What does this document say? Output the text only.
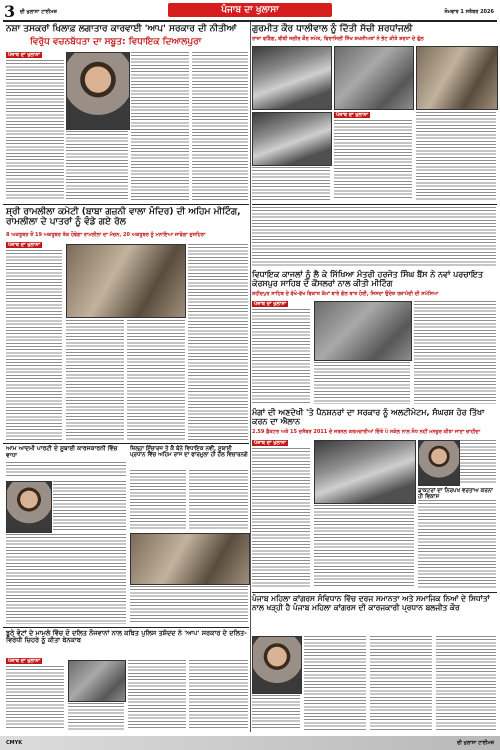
3 ਦੀ ਖੁਲਾਸਾ ਟਾਈਮਜ਼	ਪੰਜਾਬ ਦਾ ਖੁਲਾਸਾ	ਸੋਮਵਾਰ 1 ਸਤੰਬਰ 2026
ਨਸ਼ਾ ਤਸਕਰਾਂ ਖਿਲਾਫ਼ ਲਗਾਤਾਰ ਕਾਰਵਾਈ 'ਆਪ' ਸਰਕਾਰ ਦੀ ਨੀਤੀਆਂ
ਵਿਰੁੱਧ ਵਚਨਬੱਧਤਾ ਦਾ ਸਬੂਤ: ਵਿਧਾਇਕ ਦਿਆਲਪੁਰਾ
ਪੰਜਾਬ ਦਾ ਖੁਲਾਸਾ
ਗੁਰਮੀਤ ਕੌਰ ਧਾਲੀਵਾਲ ਨੂੰ ਦਿੱਤੀ ਸੱਚੀ ਸ਼ਰਧਾਂਜਲੀ
ਰਾਜਾ ਵੜਿੰਗ, ਬੀਬੀ ਜਗੀਰ ਕੌਰ ਸਮੇਤ, ਵਿਰਾਜਿਲੀਂ ਸਿੱਖ ਸ਼ਖਸੀਅਤਾਂ ਨੇ ਭੇਟ ਕੀਤੇ ਸ਼ਰਧਾ ਦੇ ਫੁੱਲ
ਪੰਜਾਬ ਦਾ ਖੁਲਾਸਾ
ਸ਼੍ਰੀ ਰਾਮਲੀਲਾ ਕਮੇਟੀ (ਬਾਬਾ ਗਜ਼ਨੀ ਵਾਲਾ ਮੰਦਿਰ) ਦੀ ਅਹਿਮ ਮੀਟਿੰਗ, ਰਾਮਲੀਲਾ ਦੇ ਪਾਤਰਾਂ ਨੂੰ ਵੰਡੇ ਗਏ ਰੋਲ
8 ਅਕਤੂਬਰ ਤੋਂ 19 ਅਕਤੂਬਰ ਤੱਕ ਹੋਵੇਗਾ ਰਾਮਲੀਲਾ ਦਾ ਮੰਚਨ, 20 ਅਕਤੂਬਰ ਨੂੰ ਮਨਾਇਆ ਜਾਵੇਗਾ ਦੁਸਹਿਰਾ
ਪੰਜਾਬ ਦਾ ਖੁਲਾਸਾ
ਵਿਧਾਇਕ ਕਾਜਲਾਂ ਨੂੰ ਲੈ ਕੇ ਸਿੱਖਿਆ ਮੰਤਰੀ ਹਰਜੋਤ ਸਿੰਘ ਬੈਂਸ ਨੇ ਨਵਾਂ ਪਰਚਾਇਤ ਕੋਰਸਪੁਰ ਸਾਹਿਬ ਦੇ ਕੌਂਸਲਰਾਂ ਨਾਲ ਕੀਤੀ ਮੀਟਿੰਗ
ਸ਼ਹੀਦਪੁਰ ਸਾਹਿਬ ਦੇ ਵੱਖੋ-ਵੱਖ ਵਿਕਾਸ ਕੰਮਾਂ ਬਾਰੇ ਗੱਲ ਬਾਤ ਹੋਈ, ਜਿਸਦਾ ਉਦੇਸ਼ ਰਜ਼ਾਮੰਦੀ ਦੀ ਸਮੱਸਿਆ
ਪੰਜਾਬ ਦਾ ਖੁਲਾਸਾ
ਮੰਗਾਂ ਦੀ ਅਣਦੇਖੀ 'ਤੇ ਪੈਨਸ਼ਨਰਾਂ ਦਾ ਸਰਕਾਰ ਨੂੰ ਅਲਟੀਮੇਟਮ, ਸੰਘਰਸ਼ ਹੋਰ ਤਿੱਖਾ ਕਰਨ ਦਾ ਐਲਾਨ
2.59 ਫ਼ੈਕਟਰ ਅਤੇ 15 ਦਸੰਬਰ 2011 ਦੇ ਜਰਨਲ ਕਰਮਚਾਰੀਆਂ ਦਿੱਤੇ ਪੇ ਸਕੇਲ ਨਾਲ ਸੋਧ ਨਹੀਂ ਮਨਜ਼ੂਰ ਕੀਤਾ ਜਾਣਾ ਚਾਹੀਦਾ
ਪੰਜਾਬ ਦਾ ਖੁਲਾਸਾ
ਡਾਕਟਰਾਂ ਦਾ ਨਿਰਪਖ ਵਰਤਾਅ ਕਰਨਾ ਹੀ ਵਿਕਾਸ
ਜ਼ਿਲ੍ਹਾ ਇੰਚਾਰਜ ਤੇ ਕੈ ਬੰਨੇ ਵਿਧਾਇਕ ਨਵੀਂ, ਸੂਬਾਈ ਪ੍ਰਧਾਨ ਵਿੱਚ ਅਹਿਮ ਰਾਜ ਦਾ ਫਾਰਮੂਲਾ ਹੀ ਹੱਲ ਵਿਚਾਰਨਗੇ
ਆਮ ਆਦਮੀ ਪਾਰਟੀ ਦੇ ਸੂਬਾਈ ਕਾਰਜਕਾਰਨੀ ਵਿੱਚ ਵਾਧਾ
ਝੂਠੇ ਵੋਟਾਂ ਦੇ ਮਾਮਲੇ ਵਿੱਚ ਦੋ ਦਲਿਤ ਨੌਜਵਾਨਾਂ ਨਾਲ ਕਥਿਤ ਪੁਲਿਸ ਤਸ਼ੱਦਦ ਨੇ 'ਆਪ' ਸਰਕਾਰ ਦੇ ਦਲਿਤ-ਵਿਰੋਧੀ ਚਿਹਰੇ ਨੂੰ ਕੀਤਾ ਬੇਨਕਾਬ
ਪੰਜਾਬ ਦਾ ਖੁਲਾਸਾ
ਪੰਜਾਬ ਮਹਿਲਾ ਕਾਂਗਰਸ ਸੰਵਿਧਾਨ ਵਿੱਚ ਦਰਜ ਸਮਾਨਤਾ ਅਤੇ ਸਮਾਜਿਕ ਨਿਆਂ ਦੇ ਸਿਧਾਂਤਾਂ ਨਾਲ ਖੜ੍ਹੀ ਹੈ ਪੰਜਾਬ ਮਹਿਲਾ ਕਾਂਗਰਸ ਦੀ ਕਾਰਜਕਾਰੀ ਪ੍ਰਧਾਨ ਬਲਜੀਤ ਕੌਰ
CMYK	ਦੀ ਖੁਲਾਸਾ ਟਾਈਮਜ਼
